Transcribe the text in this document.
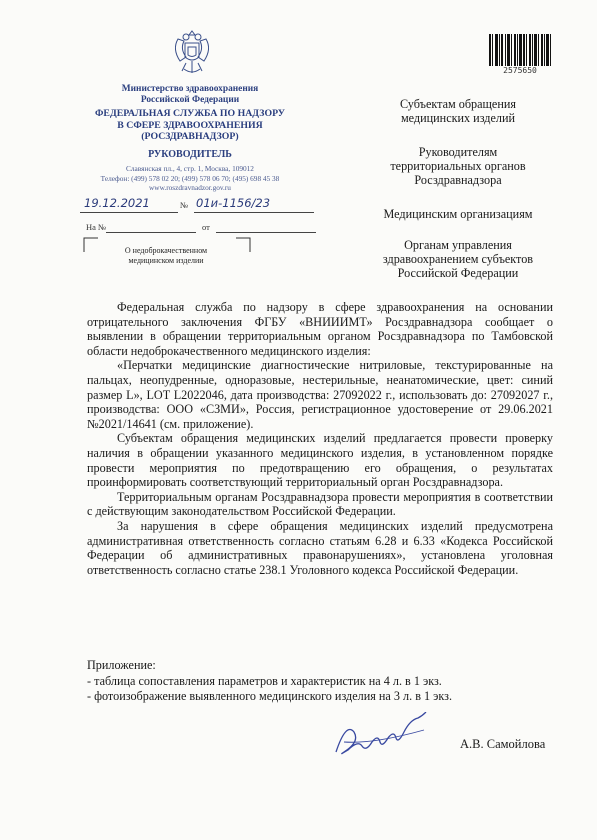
Министерство здравоохранения
Российской Федерации
ФЕДЕРАЛЬНАЯ СЛУЖБА ПО НАДЗОРУ
В СФЕРЕ ЗДРАВООХРАНЕНИЯ
(РОСЗДРАВНАДЗОР)
РУКОВОДИТЕЛЬ
Славянская пл., 4, стр. 1, Москва, 109012
Телефон: (499) 578 02 20; (499) 578 06 70; (495) 698 45 38
www.roszdravnadzor.gov.ru
19.12.2021	№ 01и-1156/23
На №	от
О недоброкачественном
медицинском изделии
2575650
Субъектам обращения
медицинских изделий
Руководителям
территориальных органов
Росздравнадзора
Медицинским организациям
Органам управления
здравоохранением субъектов
Российской Федерации

Федеральная служба по надзору в сфере здравоохранения на основании отрицательного заключения ФГБУ «ВНИИИМТ» Росздравнадзора сообщает о выявлении в обращении территориальным органом Росздравнадзора по Тамбовской области недоброкачественного медицинского изделия:

«Перчатки медицинские диагностические нитриловые, текстурированные на пальцах, неопудренные, одноразовые, нестерильные, неанатомические, цвет: синий размер L», LOT L2022046, дата производства: 27092022 г., использовать до: 27092027 г., производства: ООО «СЗМИ», Россия, регистрационное удостоверение от 29.06.2021 №2021/14641 (см. приложение).

Субъектам обращения медицинских изделий предлагается провести проверку наличия в обращении указанного медицинского изделия, в установленном порядке провести мероприятия по предотвращению его обращения, о результатах проинформировать соответствующий территориальный орган Росздравнадзора.

Территориальным органам Росздравнадзора провести мероприятия в соответствии с действующим законодательством Российской Федерации.

За нарушения в сфере обращения медицинских изделий предусмотрена административная ответственность согласно статьям 6.28 и 6.33 «Кодекса Российской Федерации об административных правонарушениях», установлена уголовная ответственность согласно статье 238.1 Уголовного кодекса Российской Федерации.

Приложение:
- таблица сопоставления параметров и характеристик на 4 л. в 1 экз.
- фотоизображение выявленного медицинского изделия на 3 л. в 1 экз.
А.В. Самойлова
